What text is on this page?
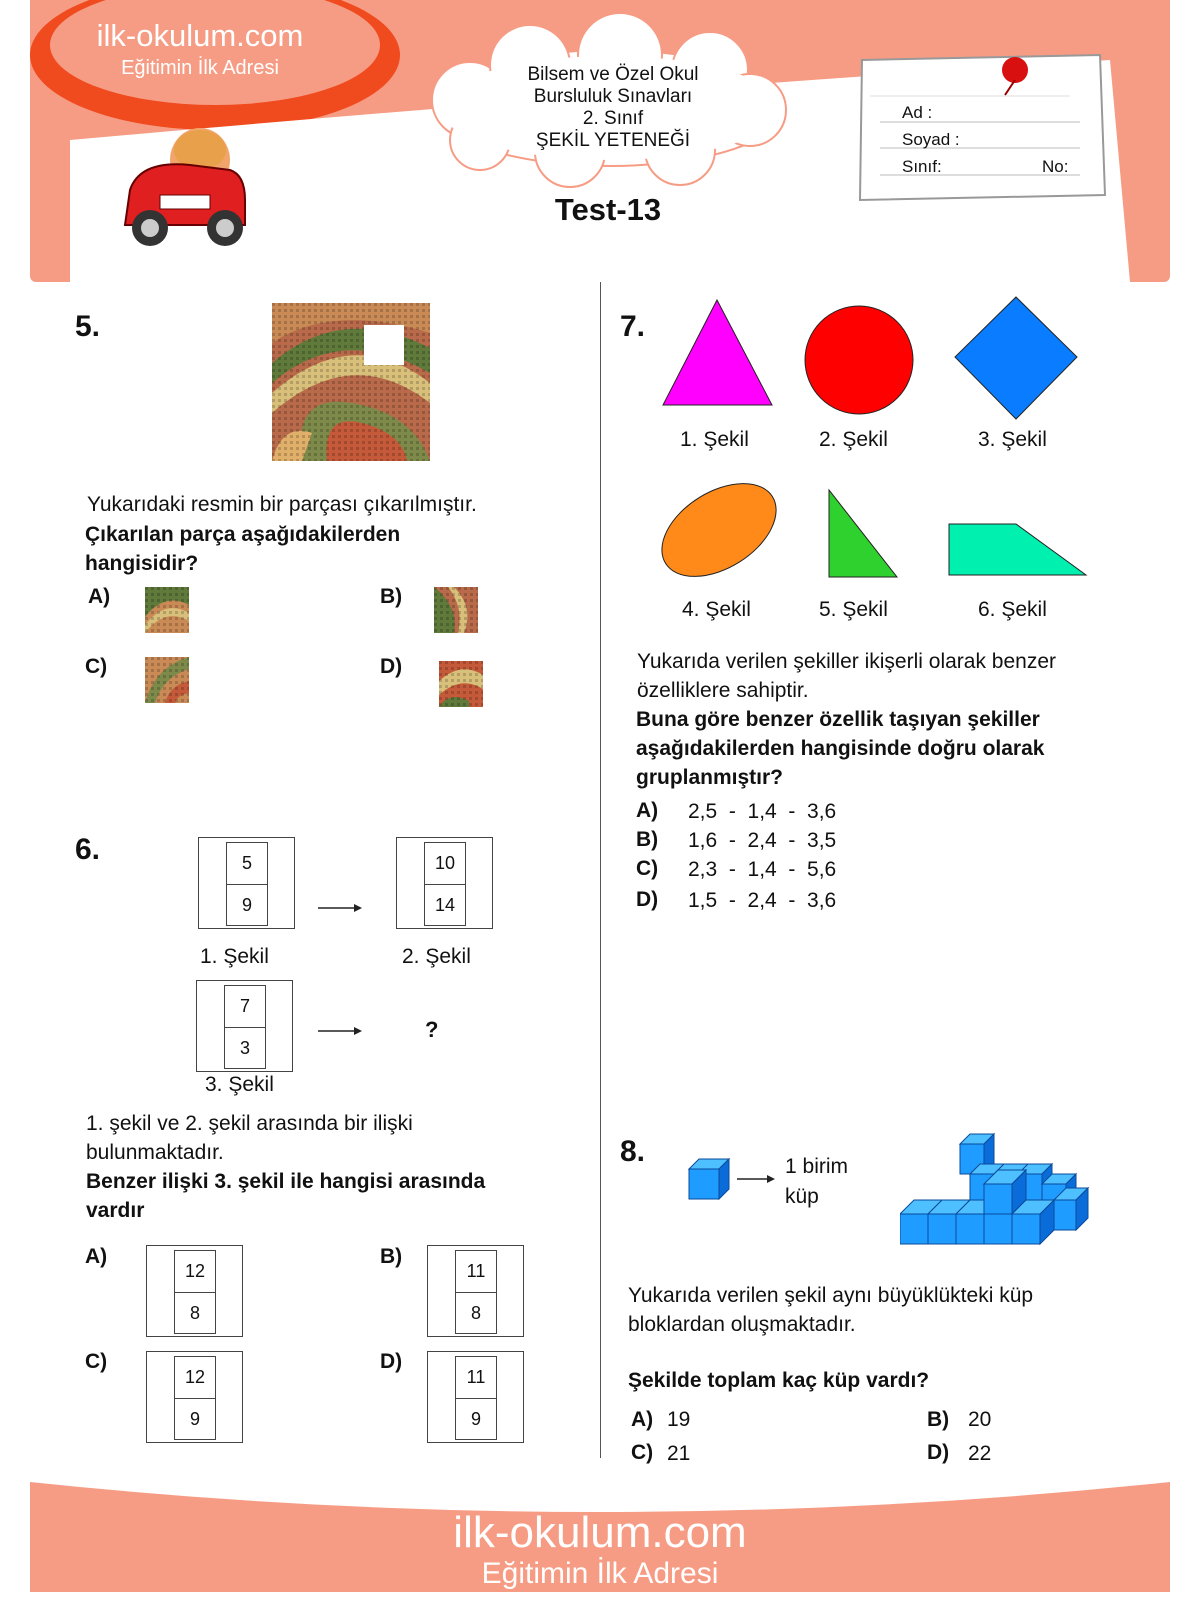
ilk-okulum.com
Eğitimin İlk Adresi	Bilsem ve Özel Okul
Bursluluk Sınavları
2. Sınıf
ŞEKİL YETENEĞİ
Test-13
Ad :
Soyad :
Sınıf:	No:
5.
Yukarıdaki resmin bir parçası çıkarılmıştır.
Çıkarılan parça aşağıdakilerden
hangisidir?
A)	B)
C)	D)
6.	5
9
10
14
1. Şekil	2. Şekil
7
3
?
3. Şekil
1. şekil ve 2. şekil arasında bir ilişki
bulunmaktadır.
Benzer ilişki 3. şekil ile hangisi arasında
vardır
A)
12
8
B)
11
8
C)
12
9
D)
11
9
7.
1. Şekil	2. Şekil	3. Şekil
4. Şekil	5. Şekil	6. Şekil
Yukarıda verilen şekiller ikişerli olarak benzer
özelliklere sahiptir.
Buna göre benzer özellik taşıyan şekiller
aşağıdakilerden hangisinde doğru olarak
gruplanmıştır?
A) 2,5  -  1,4  -  3,6
B) 1,6  -  2,4  -  3,5
C) 2,3  -  1,4  -  5,6
D) 1,5  -  2,4  -  3,6
8.	1 birim
küp
Yukarıda verilen şekil aynı büyüklükteki küp
bloklardan oluşmaktadır.
Şekilde toplam kaç küp vardı?
A) 19	B) 20
C) 21	D) 22
ilk-okulum.com
Eğitimin İlk Adresi
